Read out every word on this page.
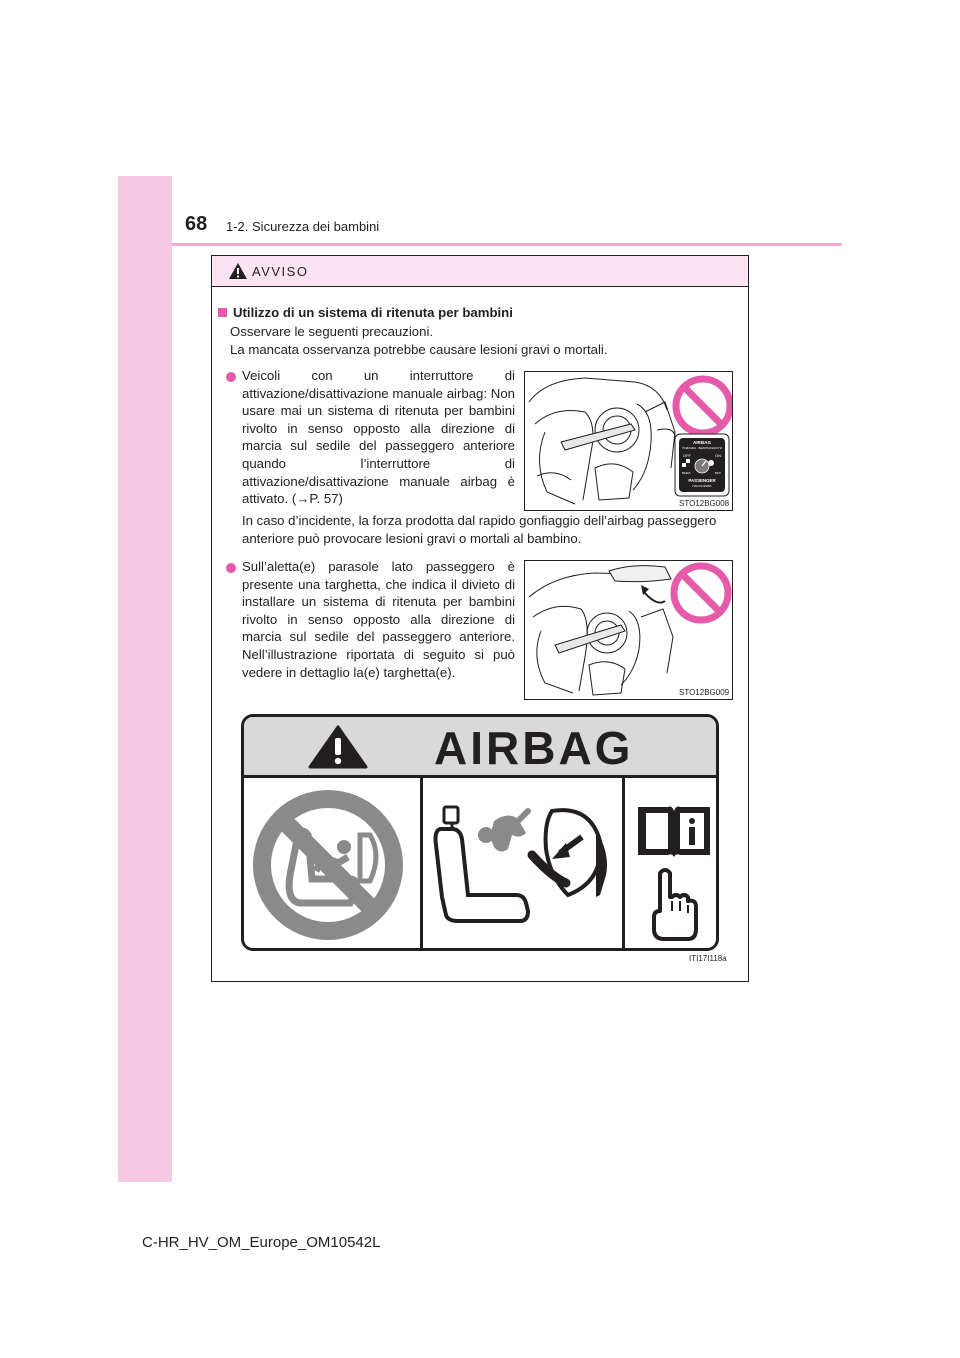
68 1-2. Sicurezza dei bambini
AVVISO
Utilizzo di un sistema di ritenuta per bambini
Osservare le seguenti precauzioni.
La mancata osservanza potrebbe causare lesioni gravi o mortali.
Veicoli con un interruttore di attivazione/disattivazione manuale airbag: Non usare mai un sistema di ritenuta per bambini rivolto in senso opposto alla direzione di marcia sul sedile del passeggero anteriore quando l’interruttore di attivazione/disattivazione manuale airbag è attivato. (→P. 57)
In caso d’incidente, la forza prodotta dal rapido gonfiaggio dell’airbag passeggero anteriore può provocare lesioni gravi o mortali al bambino.
AIRBAG
ПОДУШКА · БЕЗОПАСНОСТИ
OFF	ON
ВЫКЛ	ВКЛ
PASSENGER
ПАССАЖИРА
STO12BG008
Sull’aletta(e) parasole lato passeggero è presente una targhetta, che indica il divieto di installare un sistema di ritenuta per bambini rivolto in senso opposto alla direzione di marcia sul sedile del passeggero anteriore. Nell’illustrazione riportata di seguito si può vedere in dettaglio la(e) targhetta(e).
STO12BG009
ITI17I118a
AIRBAG
C-HR_HV_OM_Europe_OM10542L
